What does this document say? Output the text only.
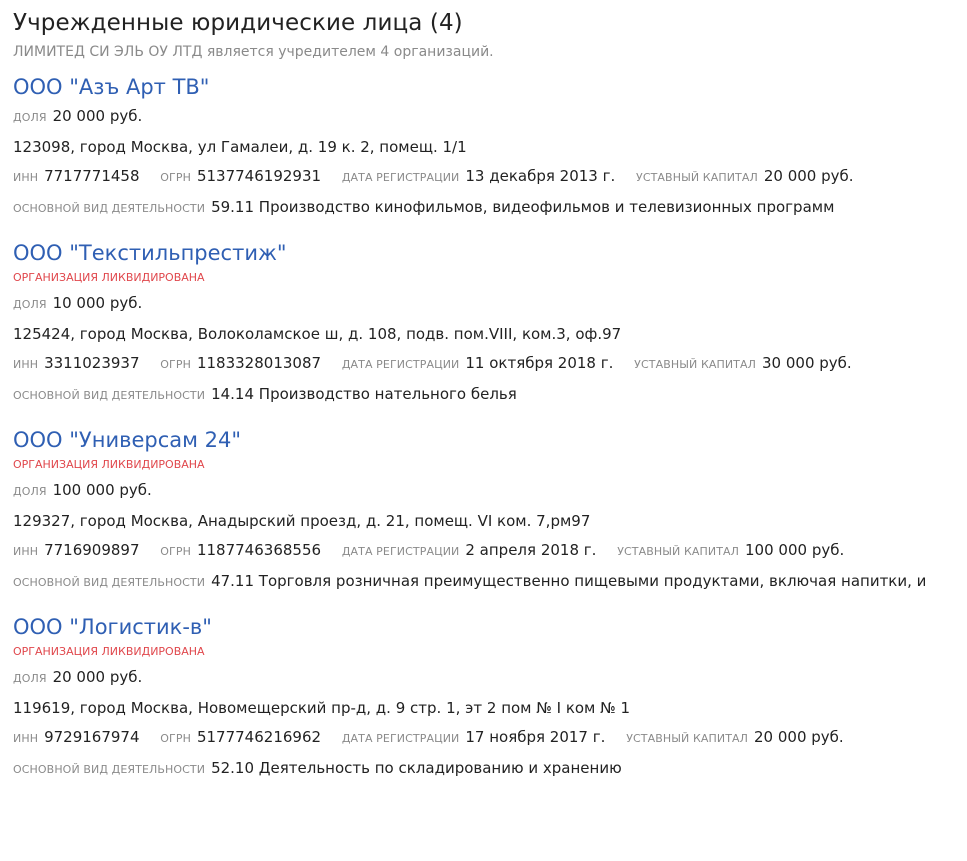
Учрежденные юридические лица (4)
ЛИМИТЕД СИ ЭЛЬ ОУ ЛТД является учредителем 4 организаций.
ООО "Азъ Арт ТВ"
ДОЛЯ 20 000 руб.
123098, город Москва, ул Гамалеи, д. 19 к. 2, помещ. 1/1
ИНН 7717771458 ОГРН 5137746192931 ДАТА РЕГИСТРАЦИИ 13 декабря 2013 г. УСТАВНЫЙ КАПИТАЛ 20 000 руб.
ОСНОВНОЙ ВИД ДЕЯТЕЛЬНОСТИ 59.11 Производство кинофильмов, видеофильмов и телевизионных программ
ООО "Текстильпрестиж"
ОРГАНИЗАЦИЯ ЛИКВИДИРОВАНА
ДОЛЯ 10 000 руб.
125424, город Москва, Волоколамское ш, д. 108, подв. пом.VIII, ком.3, оф.97
ИНН 3311023937 ОГРН 1183328013087 ДАТА РЕГИСТРАЦИИ 11 октября 2018 г. УСТАВНЫЙ КАПИТАЛ 30 000 руб.
ОСНОВНОЙ ВИД ДЕЯТЕЛЬНОСТИ 14.14 Производство нательного белья
ООО "Универсам 24"
ОРГАНИЗАЦИЯ ЛИКВИДИРОВАНА
ДОЛЯ 100 000 руб.
129327, город Москва, Анадырский проезд, д. 21, помещ. VI ком. 7,рм97
ИНН 7716909897 ОГРН 1187746368556 ДАТА РЕГИСТРАЦИИ 2 апреля 2018 г. УСТАВНЫЙ КАПИТАЛ 100 000 руб.
ОСНОВНОЙ ВИД ДЕЯТЕЛЬНОСТИ 47.11 Торговля розничная преимущественно пищевыми продуктами, включая напитки, и
ООО "Логистик-в"
ОРГАНИЗАЦИЯ ЛИКВИДИРОВАНА
ДОЛЯ 20 000 руб.
119619, город Москва, Новомещерский пр-д, д. 9 стр. 1, эт 2 пом № I ком № 1
ИНН 9729167974 ОГРН 5177746216962 ДАТА РЕГИСТРАЦИИ 17 ноября 2017 г. УСТАВНЫЙ КАПИТАЛ 20 000 руб.
ОСНОВНОЙ ВИД ДЕЯТЕЛЬНОСТИ 52.10 Деятельность по складированию и хранению
